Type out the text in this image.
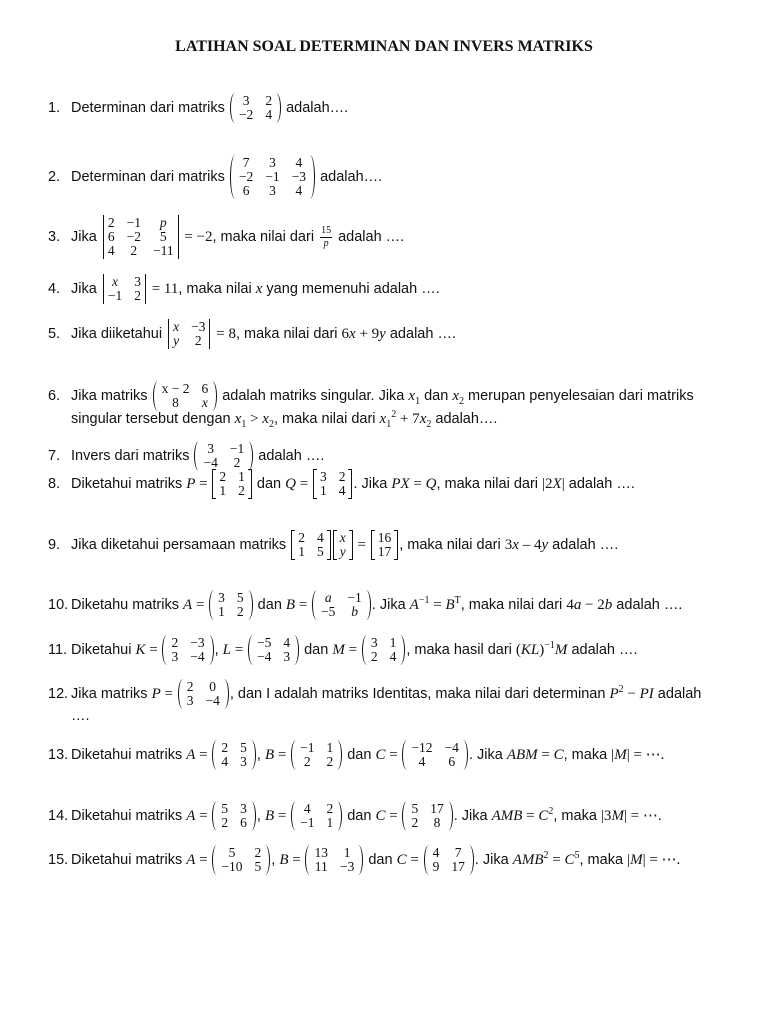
LATIHAN SOAL DETERMINAN DAN INVERS MATRIKS
1. Determinan dari matriks 3 2
−2 4 adalah….
2. Determinan dari matriks
7 3 4
−2 −1 −3
6 3 4
adalah….
3. Jika
2 −1	p
6 −2	5
4 2 −11
= −2 , maka nilai dari $\frac{15}{p}$ adalah ….
4. Jika x	3
−1 2 = 11 , maka nilai x yang memenuhi adalah ….
5. Jika diiketahui x −3
y 2 = 8 , maka nilai dari 6 x + 9 y adalah ….
6. Jika matriks x − 2 6
8	x adalah matriks singular. Jika $x_1$ dan $x_2$ merupan penyelesaian dari matriks
singular tersebut dengan $x_1 > x_2$ , maka nilai dari $x_1^2 + 7$ $x_2$ adalah….
7. Invers dari matriks 3 −1
−4 2 adalah ….
8. Diketahui matriks P = 2 1
1 2 dan Q = 3 2
1 4 . Jika PX = Q , maka nilai dari |2 X | adalah ….
9. Jika diketahui persamaan matriks 2 4
1 5
x
y = 16
17 , maka nilai dari 3 x – 4 y adalah ….
10. Diketahu matriks A = 3 5
1 2 dan B = a −1
−5 b . Jika $A^{-1} = B^T$ , maka nilai dari 4 a − 2 b adalah ….
11. Diketahui K = 2 −3
3 −4 , L = −5 4
−4 3 dan M = 3 1
2 4 , maka hasil dari ( KL )$^{-1}$ M adalah ….
12. Jika matriks P = 2 0
3 −4 , dan I adalah matriks Identitas, maka nilai dari determinan $P^2$ − PI adalah
….
13. Diketahui matriks A = 2 5
4 3 , B = −1 1
2 2 dan C = −12 −4
4	6 . Jika ABM = C , maka | M | = ⋯.
14. Diketahui matriks A = 5 3
2 6 , B = 4 2
−1 1 dan C = 5 17
2 8 . Jika AMB = $C^2$ , maka |3 M | = ⋯.
15. Diketahui matriks A =	5	2
−10 5 , B = 13 1
11 −3 dan C = 4 7
9 17 . Jika $AMB^2 = C^5$ , maka | M | = ⋯.
